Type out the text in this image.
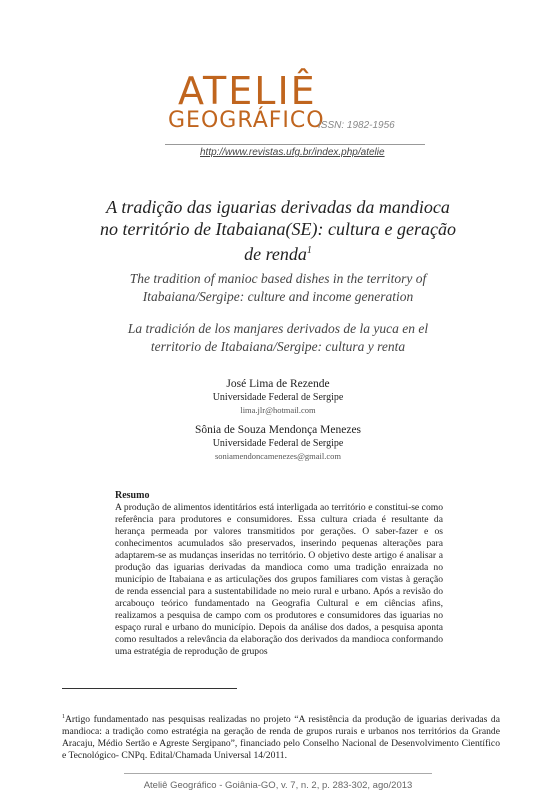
ATELIÊ
GEOGRÁFICO
ISSN: 1982-1956
http://www.revistas.ufg.br/index.php/atelie
A tradição das iguarias derivadas da mandioca no território de Itabaiana(SE): cultura e geração de renda$^1$
The tradition of manioc based dishes in the territory of Itabaiana/Sergipe: culture and income generation
La tradición de los manjares derivados de la yuca en el territorio de Itabaiana/Sergipe: cultura y renta
José Lima de Rezende
Universidade Federal de Sergipe
lima.jlr@hotmail.com
Sônia de Souza Mendonça Menezes
Universidade Federal de Sergipe
soniamendoncamenezes@gmail.com
Resumo
A produção de alimentos identitários está interligada ao território e constitui-se como referência para produtores e consumidores. Essa cultura criada é resultante da herança permeada por valores transmitidos por gerações. O saber-fazer e os conhecimentos acumulados são preservados, inserindo pequenas alterações para adaptarem-se as mudanças inseridas no território. O objetivo deste artigo é analisar a produção das iguarias derivadas da mandioca como uma tradição enraizada no município de Itabaiana e as articulações dos grupos familiares com vistas à geração de renda essencial para a sustentabilidade no meio rural e urbano. Após a revisão do arcabouço teórico fundamentado na Geografia Cultural e em ciências afins, realizamos a pesquisa de campo com os produtores e consumidores das iguarias no espaço rural e urbano do município. Depois da análise dos dados, a pesquisa aponta como resultados a relevância da elaboração dos derivados da mandioca conformando uma estratégia de reprodução de grupos
$^1$Artigo fundamentado nas pesquisas realizadas no projeto “A resistência da produção de iguarias derivadas da mandioca: a tradição como estratégia na geração de renda de grupos rurais e urbanos nos territórios da Grande Aracaju, Médio Sertão e Agreste Sergipano”, financiado pelo Conselho Nacional de Desenvolvimento Científico e Tecnológico- CNPq. Edital/Chamada Universal 14/2011.
Ateliê Geográfico - Goiânia-GO, v. 7, n. 2, p. 283-302, ago/2013
